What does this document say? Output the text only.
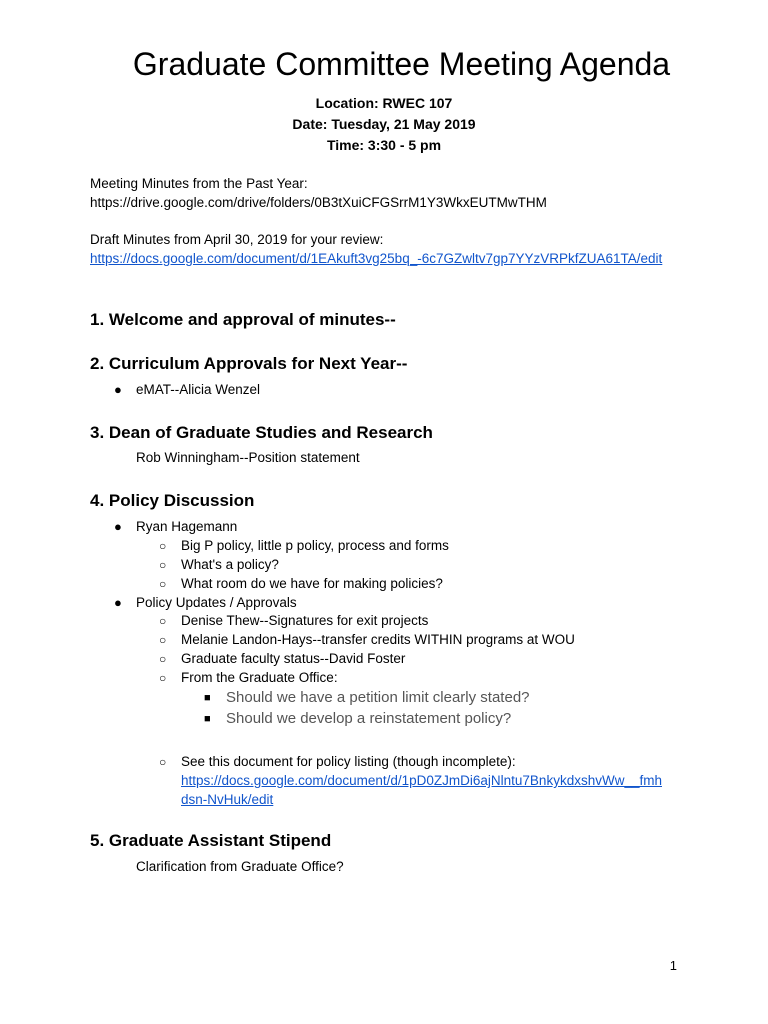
Graduate Committee Meeting Agenda
Location: RWEC 107
Date: Tuesday, 21 May 2019
Time: 3:30 - 5 pm
Meeting Minutes from the Past Year:
https://drive.google.com/drive/folders/0B3tXuiCFGSrrM1Y3WkxEUTMwTHM
Draft Minutes from April 30, 2019 for your review:
https://docs.google.com/document/d/1EAkuft3vg25bq_-6c7GZwltv7gp7YYzVRPkfZUA61TA/edit
1. Welcome and approval of minutes--
2. Curriculum Approvals for Next Year--
● eMAT--Alicia Wenzel
3. Dean of Graduate Studies and Research
Rob Winningham--Position statement
4. Policy Discussion
● Ryan Hagemann
○ Big P policy, little p policy, process and forms
○ What's a policy?
○ What room do we have for making policies?
● Policy Updates / Approvals
○ Denise Thew--Signatures for exit projects
○ Melanie Landon-Hays--transfer credits WITHIN programs at WOU
○ Graduate faculty status--David Foster
○ From the Graduate Office:
■ Should we have a petition limit clearly stated?
■ Should we develop a reinstatement policy?
○ See this document for policy listing (though incomplete):
https://docs.google.com/document/d/1pD0ZJmDi6ajNlntu7BnkykdxshvWw__fmh
dsn-NvHuk/edit
5. Graduate Assistant Stipend
Clarification from Graduate Office?
1
